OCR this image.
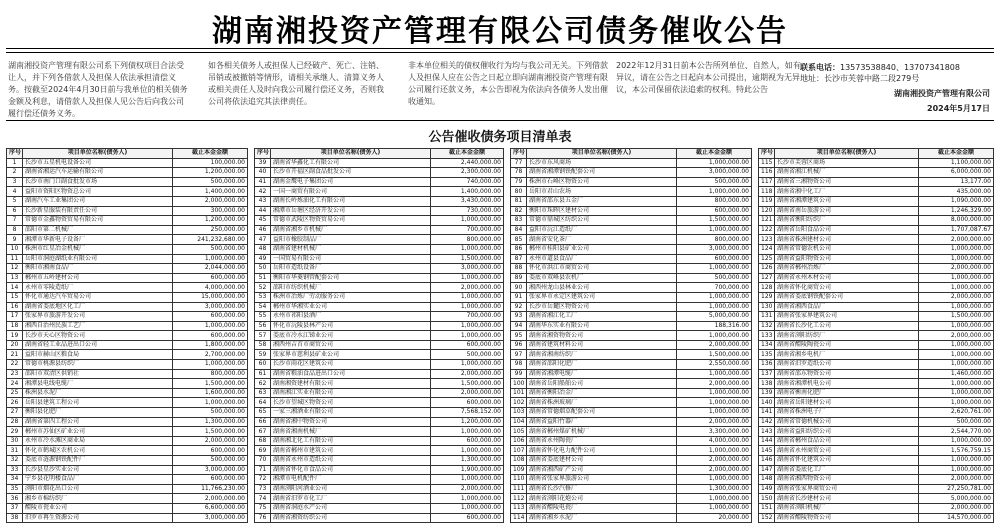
湖南湘投资产管理有限公司债务催收公告
湖南湘投资产管理有限公司系下列债权项目合法受让人，并下列各借款人及担保人依法承担清偿义务。按截至2024年4月30日前与我单位的相关债务金额及利息，请借款人及担保人见公告后向我公司履行偿还债务义务。
如各相关债务人或担保人已经破产、死亡、注销、吊销或被撤销等情形，请相关承继人、清算义务人或相关责任人及时向我公司履行偿还义务，否则我公司将依法追究其法律责任。
非本单位相关的债权催收行为均与我公司无关。下列借款人及担保人应在公告之日起立即向湖南湘投资产管理有限公司履行还款义务，本公告即视为依法向各债务人发出催收通知。
2022年12月31日前本公告所列单位、自然人，如有异议，请在公告之日起向本公司提出，逾期视为无异议，本公司保留依法追索的权利。特此公告
联系电话：13573538840、13707341808
地址：长沙市芙蓉中路二段279号
湖南湘投资产管理有限公司
2024年5月17日
公告催收债务项目清单表
序号	项目单位名称(债务人)	截止本金金额
1	长沙市五星机电设备公司	100,000.00
2	湖南省湘运汽车运输有限公司	1,200,000.00
3	长沙市南门口副食批发市场	500,000.00
4	益阳市资阳区物资总公司	1,400,000.00
5	湖南汽车工业集团公司	2,000,000.00
6	长沙新星服装有限责任公司	300,000.00
7	常德市金鑫物资贸易有限公司	1,200,000.00
8	邵阳市第二机械厂	250,000.00
9	湘潭市华新电子设备厂	241,232,680.00
10	株洲市红星冶金机械厂	500,000.00
11	岳阳市洞庭湖纸业有限公司	1,000,000.00
12	衡阳市湘南食品厂	2,044,000.00
13	郴州市五岭建材公司	600,000.00
14	永州市零陵造纸厂	4,000,000.00
15	怀化市通达汽车贸易公司	15,000,000.00
16	湖南省娄底地区化工厂	3,000,000.00
17	张家界市旅游开发公司	600,000.00
18	湘西自治州民族工艺厂	1,000,000.00
19	长沙市天心区物资公司	600,000.00
20	湖南省轻工业品进出口公司	1,800,000.00
21	益阳市赫山区粮食局	2,700,000.00
22	常德市桃源县纺织厂	1,000,000.00
23	邵阳市双清区供销社	800,000.00
24	湘潭县电线电缆厂	1,500,000.00
25	株洲县水泥厂	1,600,000.00
26	岳阳县建筑工程公司	1,000,000.00
27	衡阳县化肥厂	500,000.00
28	湖南省第四工程公司	1,300,000.00
29	郴州市苏仙区矿业公司	1,500,000.00
30	永州市冷水滩区商业局	2,000,000.00
31	怀化市鹤城区农机公司	600,000.00
32	娄底市涟源钢铁配件厂	500,000.00
33	长沙县星沙实业公司	3,000,000.00
34	宁乡县花明楼食品厂	600,000.00
35	浏阳市烟花出口公司	11,766,230.00
36	湘乡市棉纺织厂	2,000,000.00
37	醴陵市瓷业公司	6,600,000.00
38	汨罗市再生资源公司	3,000,000.00
序号	项目单位名称(债务人)	截止本金金额
39	湖南省华鑫化工有限公司	2,440,000.00
40	长沙市开福区副食品批发公司	2,300,000.00
41	湖南金鹰电子集团公司	740,000.00
42	一国一商贸有限公司	1,400,000.00
43	湖南长岭炼油化工有限公司	3,430,000.00
44	湘潭市岳塘区经济开发公司	730,000.00
45	常德市武陵区物资贸易公司	1,000,000.00
46	湖南省湘乡市机械厂	700,000.00
47	益阳市橡胶制品厂	800,000.00
48	湖南省建材机械厂	1,000,000.00
49	一国贸易有限公司	1,500,000.00
50	岳阳市造纸设备厂	3,000,000.00
51	衡阳市华菱钢管配套公司	1,000,000.00
52	邵阳市纺织机械厂	2,000,000.00
53	株洲市冶炼厂劳动服务公司	1,000,000.00
54	郴州市华湘实业公司	1,000,000.00
55	永州市祁阳县酒厂	700,000.00
56	怀化市沅陵县林产公司	1,000,000.00
57	娄底市冷水江锑业公司	1,000,000.00
58	湘西州吉首市商贸公司	600,000.00
59	张家界市慈利县矿业公司	500,000.00
60	长沙市雨花区建筑公司	1,000,000.00
61	湖南省粮油食品进出口公司	2,000,000.00
62	湖南湘资建材有限公司	1,500,000.00
63	湖南湘江实业有限公司	2,000,000.00
64	长沙市望城区物资公司	600,000.00
65	一家三湘酒业有限公司	7,568,152.00
66	湖南省湘中物资公司	1,200,000.00
67	湖南省湘南机械厂	1,000,000.00
68	湖南湘北化工有限公司	600,000.00
69	湖南省郴州市建筑公司	1,000,000.00
70	湖南省永州市造纸公司	1,300,000.00
71	湖南省怀化市食品公司	1,900,000.00
72	湘潭市电机配件厂	1,000,000.00
73	湖南浏阳河酒业公司	2,000,000.00
74	湖南省汨罗市化工厂	1,000,000.00
75	湖南省洞庭水产公司	1,000,000.00
76	湖南省湘资纺织公司	600,000.00
序号	项目单位名称(债务人)	截止本金金额
77	长沙市东风商场	1,000,000.00
78	湖南省湘潭钢铁配套公司	3,000,000.00
79	株洲市石峰区物资公司	500,000.00
80	岳阳市君山农场	1,000,000.00
81	湖南省邵东县五金厂	800,000.00
82	衡阳市珠晖区建材公司	600,000.00
83	常德市鼎城区纺织公司	1,500,000.00
84	益阳市沅江造纸厂	1,000,000.00
85	湖南省安化茶厂	800,000.00
86	郴州市桂阳县矿业公司	3,000,000.00
87	永州市道县食品厂	600,000.00
88	怀化市洪江市商贸公司	1,000,000.00
89	娄底市双峰县农机厂	500,000.00
90	湘西州龙山县林业公司	700,000.00
91	张家界市永定区建筑公司	1,000,000.00
92	长沙市岳麓区物资公司	1,000,000.00
93	湖南省湘江化工厂	5,000,000.00
94	湖南华东实业有限公司	188,316.00
95	湖南省湘资物资公司	1,000,000.00
96	湖南省建筑材料公司	2,000,000.00
97	湖南省湘南纺织厂	1,500,000.00
98	湖南省邵阳化肥厂	2,550,000.00
99	湖南省湘潭电缆厂	1,000,000.00
100	湖南省岳阳船舶公司	2,000,000.00
101	湖南省衡阳冶金厂	1,000,000.00
102	湖南省株洲玻璃厂	1,000,000.00
103	湖南省常德烟草配套公司	1,000,000.00
104	湖南省益阳竹器厂	2,000,000.00
105	湖南省郴州煤矿机械厂	3,300,000.00
106	湖南省永州陶瓷厂	4,000,000.00
107	湖南省怀化电力配件公司	1,000,000.00
108	湖南省娄底建材公司	2,000,000.00
109	湖南省湘西矿产公司	2,000,000.00
110	湖南省张家界旅游公司	1,000,000.00
111	湖南省长沙汽修厂	1,300,000.00
112	湖南省浏阳花炮公司	1,000,000.00
113	湖南省醴陵电瓷厂	1,000,000.00
114	湖南省湘乡水泥厂	20,000.00
序号	项目单位名称(债务人)	截止本金金额
115	长沙市芙蓉区商场	1,100,000.00
116	湖南省湘江机械厂	6,000,000.00
117	湖南省三湘物资公司	13,177.00
118	湖南省湘中化工厂	435,000.00
119	湖南省湘潭建筑公司	1,090,000.00
120	湖南省南岳旅游公司	1,246,329.00
121	湖南省衡阳纺织厂	8,000,000.00
122	湖南省岳阳食品公司	1,707,087.67
123	湖南省株洲建材公司	2,000,000.00
124	湖南省常德农机公司	1,000,000.00
125	湖南省益阳物资公司	1,000,000.00
126	湖南省郴州冶炼厂	2,000,000.00
127	湖南省永州木材公司	1,000,000.00
128	湖南省怀化商贸公司	1,000,000.00
129	湖南省娄底钢铁配套公司	2,000,000.00
130	湖南省湘西食品厂	1,000,000.00
131	湖南省张家界建筑公司	1,500,000.00
132	湖南省长沙化工公司	1,000,000.00
133	湖南省浏阳纺织厂	2,000,000.00
134	湖南省醴陵陶瓷公司	1,000,000.00
135	湖南省湘乡电机厂	1,000,000.00
136	湖南省汨罗造纸公司	1,000,000.00
137	湖南省邵东物资公司	1,460,000.00
138	湖南省湘潭机电公司	1,000,000.00
139	湖南省衡南化肥厂	1,000,000.00
140	湖南省岳阳建材公司	1,000,000.00
141	湖南省株洲电子厂	2,620,761.00
142	湖南省常德机械公司	500,000.00
143	湖南省益阳纺织公司	2,544,770.00
144	湖南省郴州食品公司	1,000,000.00
145	湖南省永州商贸公司	1,576,759.15
146	湖南省怀化建筑公司	1,000,000.00
147	湖南省娄底化工厂	1,000,000.00
148	湖南省湘西物资公司	2,000,000.00
149	湖南省张家界商贸公司	27,250,781.00
150	湖南省长沙建材公司	5,000,000.00
151	湖南省浏阳机械厂	2,000,000.00
152	湖南省醴陵物资公司	14,570,000.00
